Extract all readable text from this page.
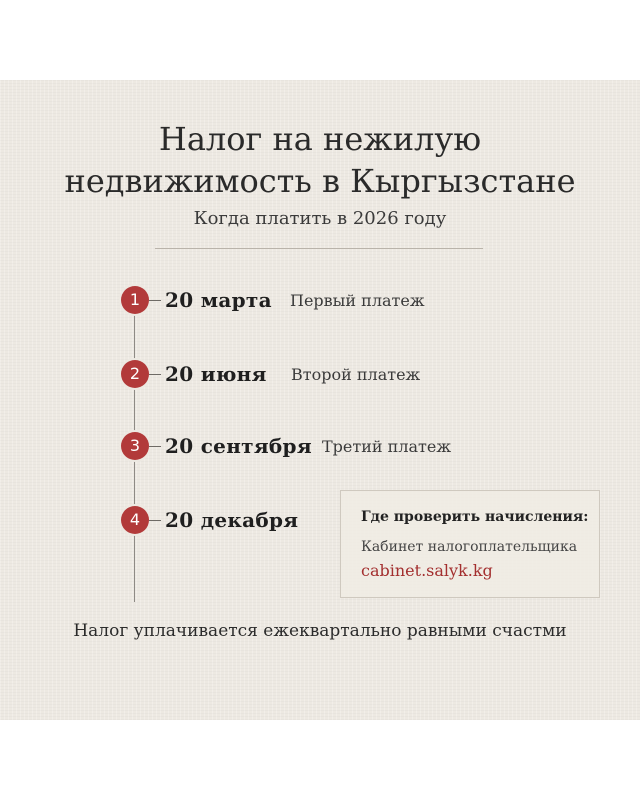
Налог на нежилую
недвижимость в Кыргызстане
Когда платить в 2026 году
1	20 марта Первый платеж
2	20 июня Второй платеж
3	20 сентября Третий платеж
4	20 декабря	Где проверить начисления:
Кабинет налогоплательщика
cabinet.salyk.kg
Налог уплачивается ежеквартально равными счастми
